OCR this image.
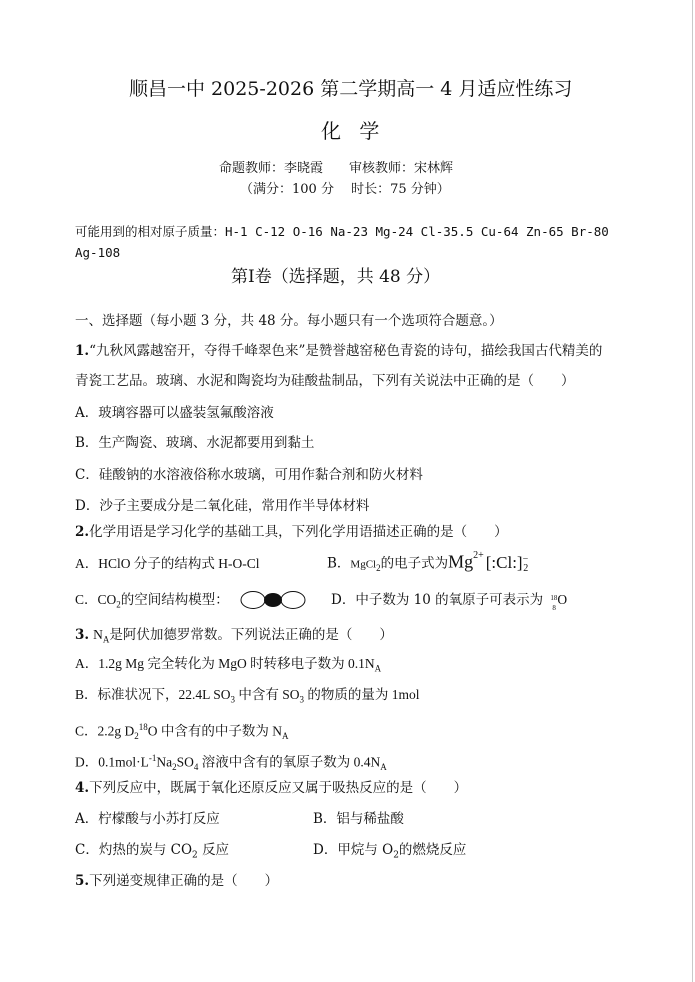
顺昌一中 2025-2026 第二学期高一 4 月适应性练习
化 学
命题教师：李晓霞　　审核教师：宋林辉
（满分：100 分　 时长：75 分钟）
可能用到的相对原子质量：H-1 C-12 O-16 Na-23 Mg-24 Cl-35.5 Cu-64 Zn-65 Br-80
Ag-108
第Ⅰ卷（选择题，共 48 分）
一、选择题（每小题 3 分，共 48 分。每小题只有一个选项符合题意。）
1.“九秋风露越窑开，夺得千峰翠色来”是赞誉越窑秘色青瓷的诗句，描绘我国古代精美的
青瓷工艺品。玻璃、水泥和陶瓷均为硅酸盐制品，下列有关说法中正确的是（　　）
A．玻璃容器可以盛装氢氟酸溶液
B．生产陶瓷、玻璃、水泥都要用到黏土
C．硅酸钠的水溶液俗称水玻璃，可用作黏合剂和防火材料
D．沙子主要成分是二氧化硅，常用作半导体材料
2.化学用语是学习化学的基础工具，下列化学用语描述正确的是（　　）
A．HClO 分子的结构式 H-O-Cl	B．MgCl$_2$的电子式为$Mg^{2+}$ $[:Cl:]^-_2$
C．$CO_2$的空间结构模型：	D．中子数为 10 的氧原子可表示为 18
8
O
3. $N_A$是阿伏加德罗常数。下列说法正确的是（　　）
A．1.2g Mg 完全转化为 MgO 时转移电子数为 $0.1N_A$
B．标准状况下，22.4L $SO_3$ 中含有 $SO_3$ 的物质的量为 1mol
C．2.2g $D_2^{18}O$ 中含有的中子数为 $N_A$
D．$0.1mol\cdot L^{-1}Na_2SO_4$ 溶液中含有的氧原子数为 $0.4N_A$
4.下列反应中，既属于氧化还原反应又属于吸热反应的是（　　）
A．柠檬酸与小苏打反应	B．铝与稀盐酸
C．灼热的炭与 $CO_2$ 反应	D．甲烷与 $O_2$的燃烧反应
5.下列递变规律正确的是（　　）
